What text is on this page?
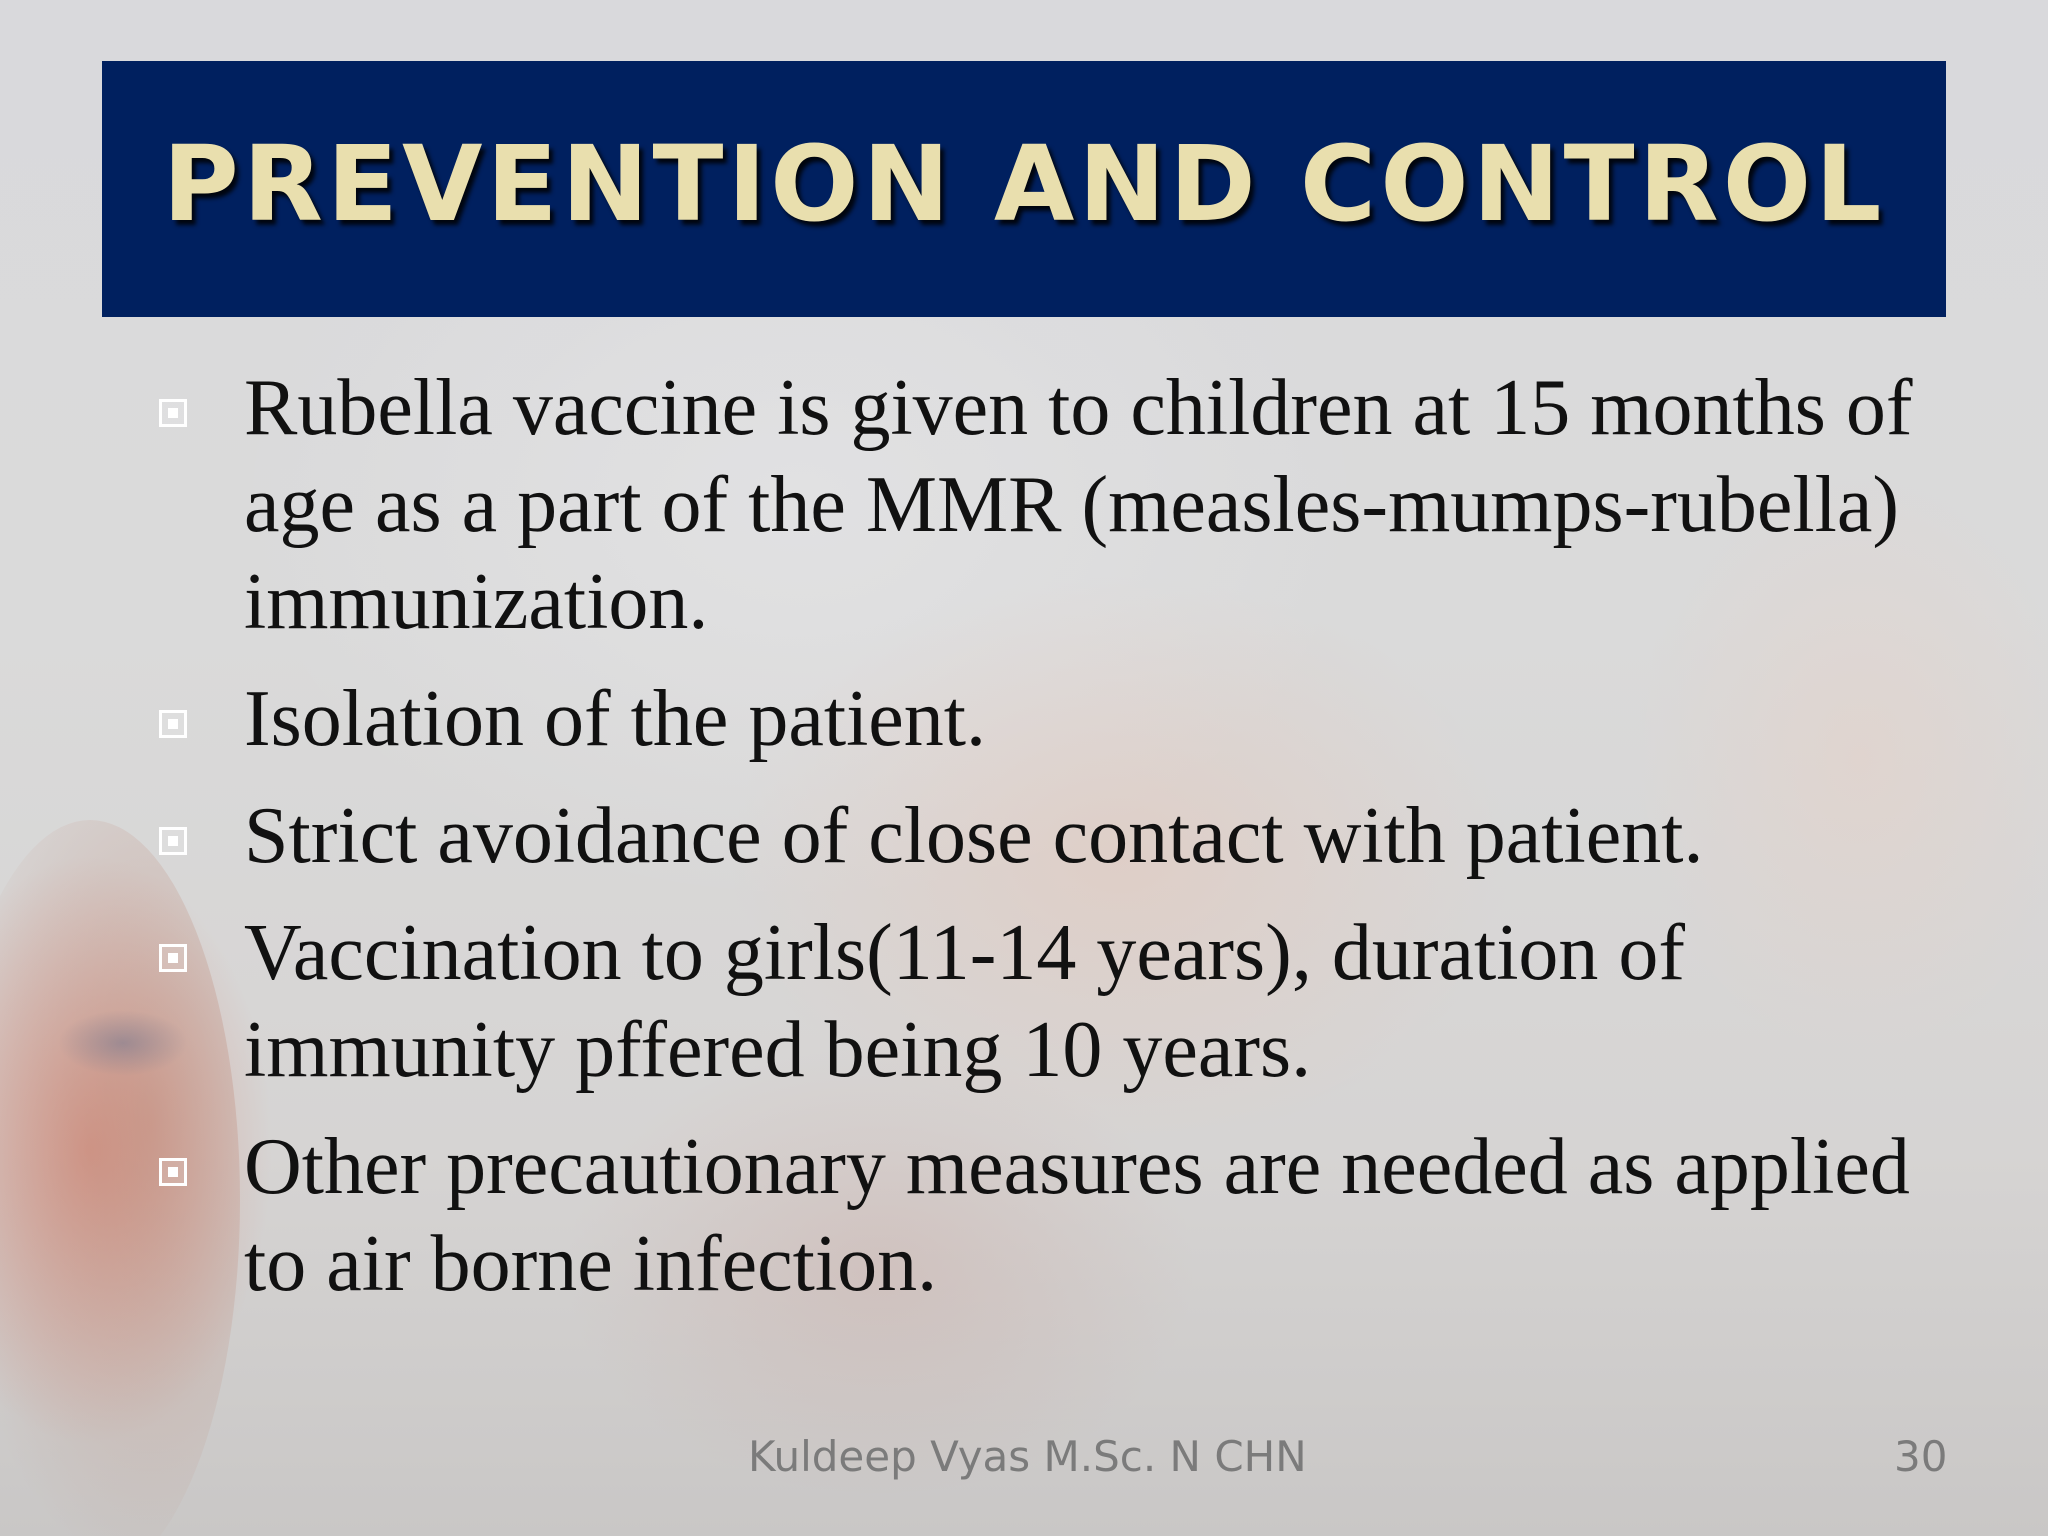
PREVENTION AND CONTROL
Rubella vaccine is given to children at 15 months of age as a part of the MMR (measles-mumps-rubella) immunization.
Isolation of the patient.
Strict avoidance of close contact with patient.
Vaccination to girls(11-14 years), duration of immunity pffered being 10 years.
Other precautionary measures are needed as applied to air borne infection.
Kuldeep Vyas M.Sc. N CHN	30
